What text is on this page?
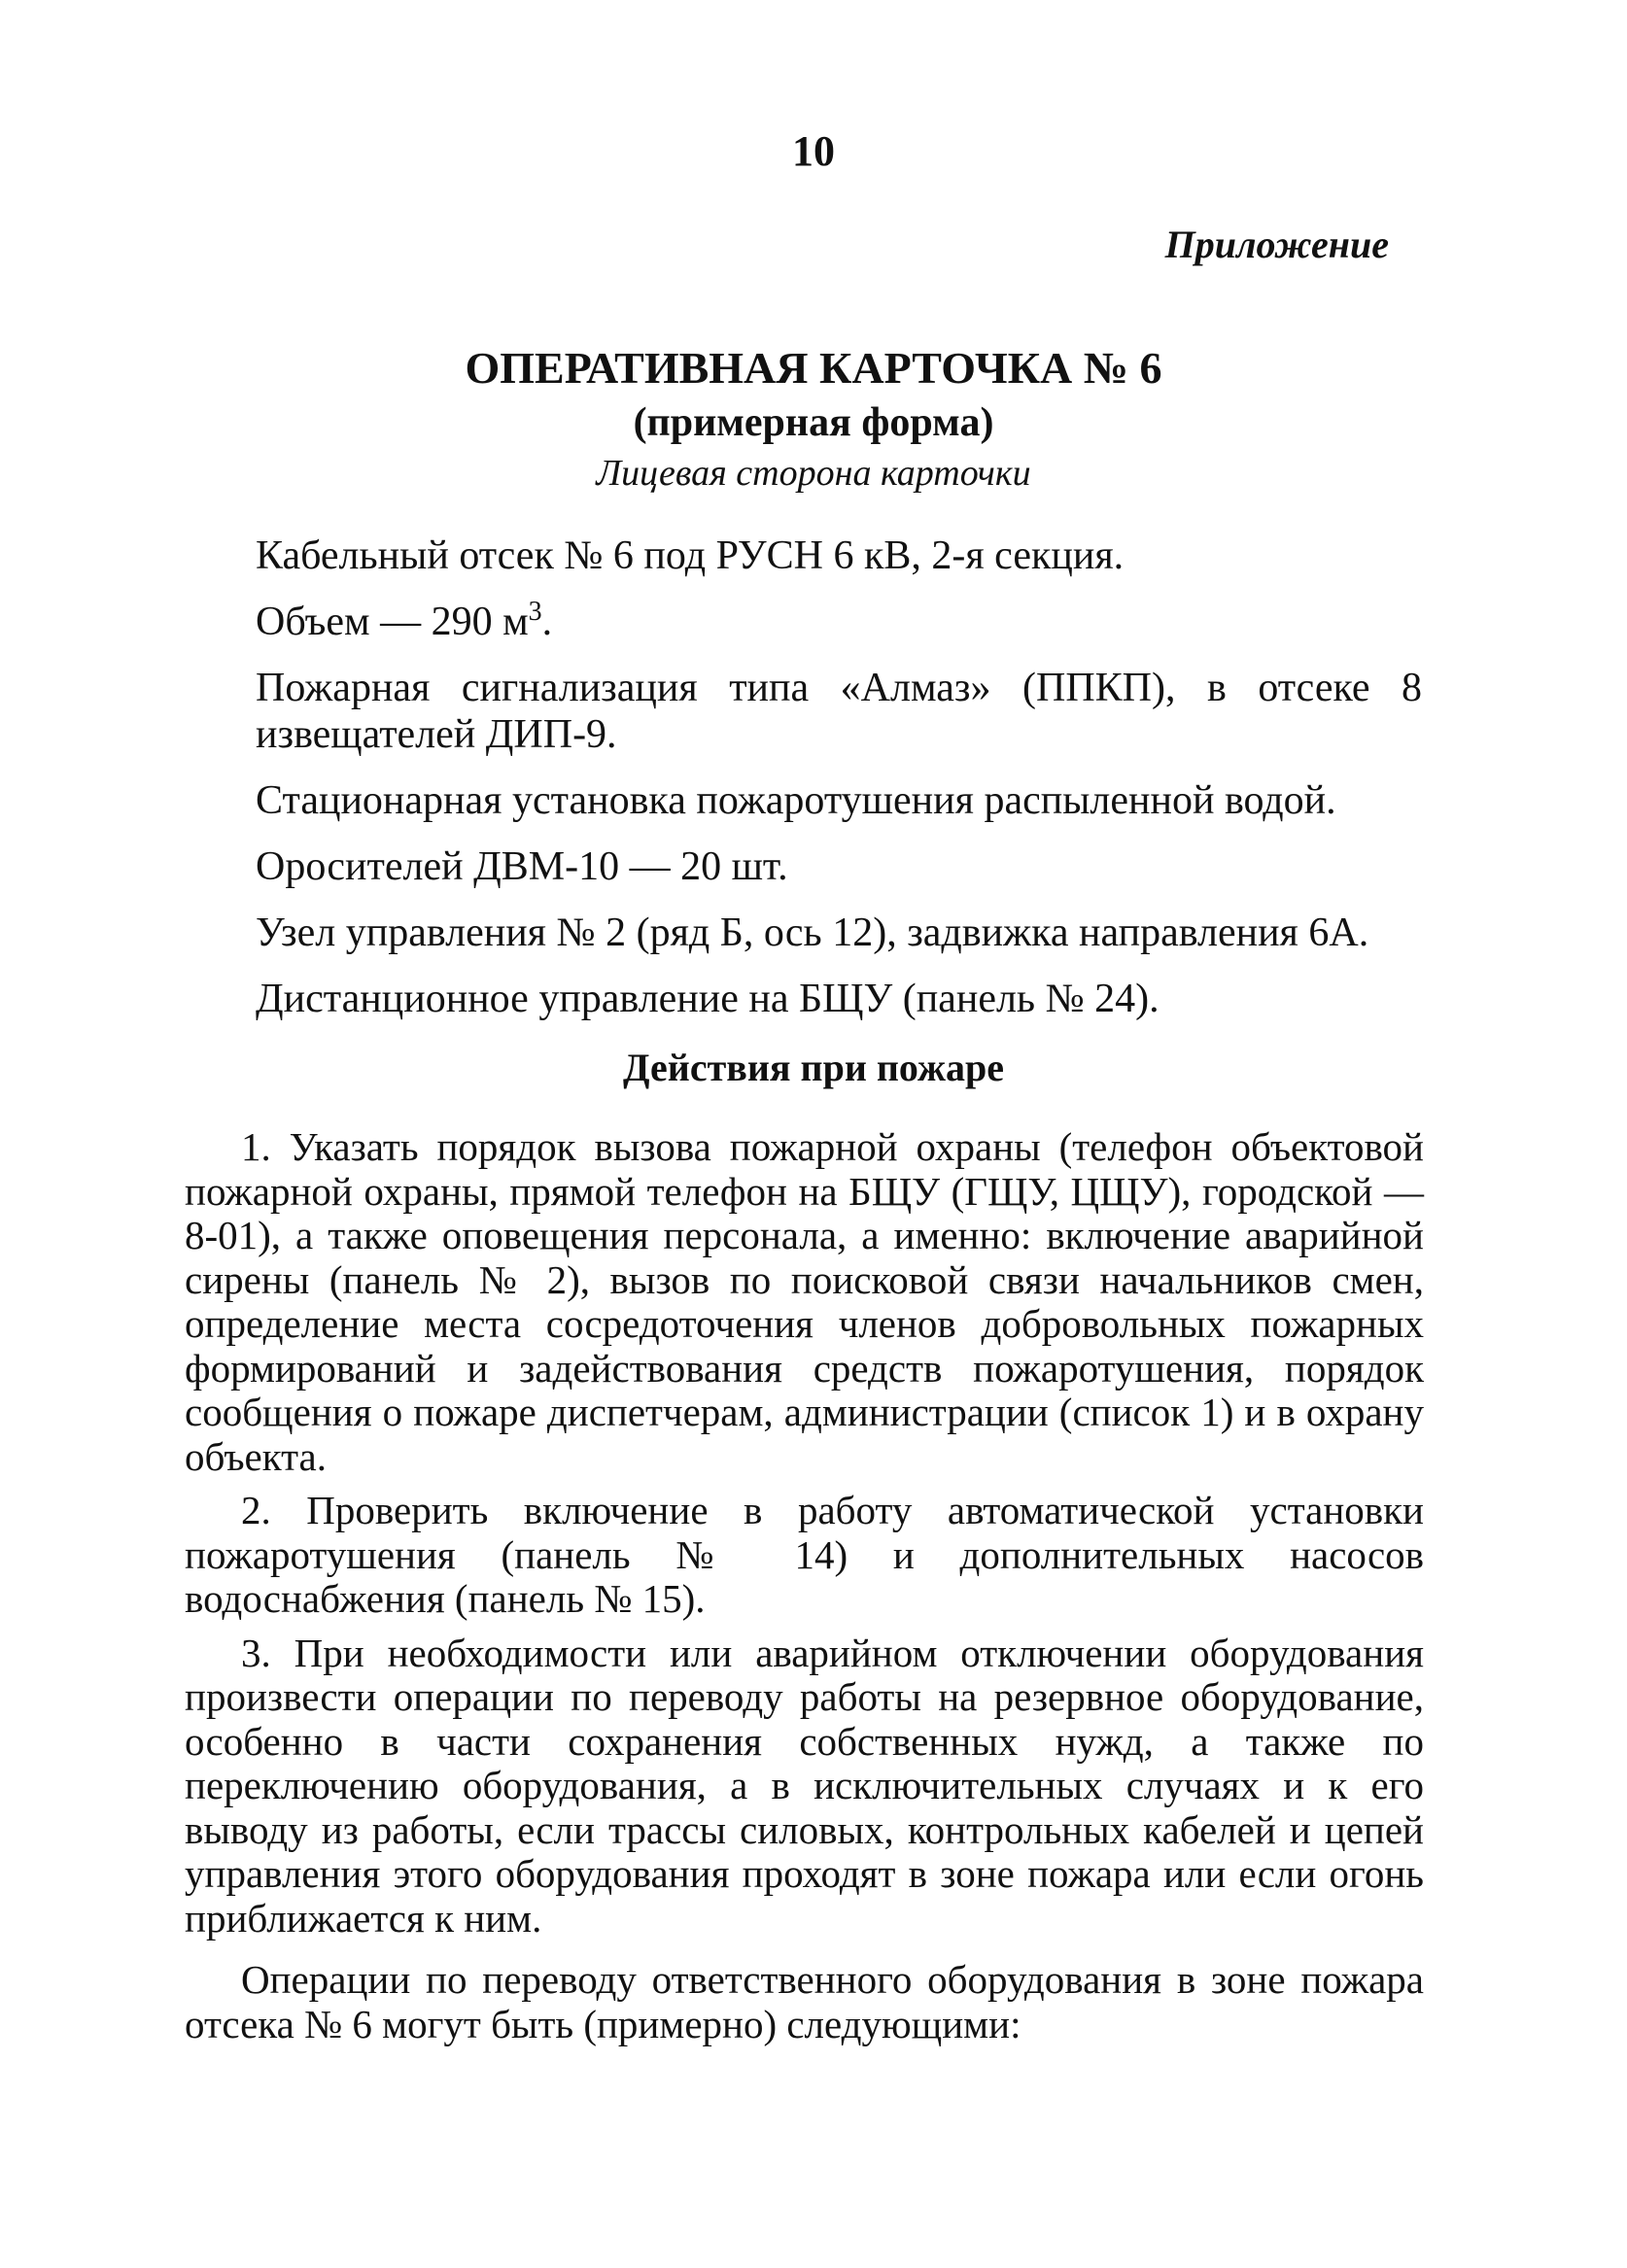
10
Приложение
ОПЕРАТИВНАЯ КАРТОЧКА № 6
(примерная форма)
Лицевая сторона карточки
Кабельный отсек № 6 под РУСН 6 кВ, 2-я секция.
Объем — 290 $м^3$.
Пожарная сигнализация типа «Алмаз» (ППКП), в отсеке 8 извещателей ДИП-9.
Стационарная установка пожаротушения распыленной водой.
Оросителей ДВМ-10 — 20 шт.
Узел управления № 2 (ряд Б, ось 12), задвижка направления 6А.
Дистанционное управление на БЩУ (панель № 24).
Действия при пожаре
1. Указать порядок вызова пожарной охраны (телефон объектовой пожарной охраны, прямой телефон на БЩУ (ГЩУ, ЦЩУ), городской — 8-01), а также оповещения персонала, а именно: включение аварийной сирены (панель № 2), вызов по поисковой связи начальников смен, определение места сосредоточения членов добровольных пожарных формирований и задействования средств пожаротушения, порядок сообщения о пожаре диспетчерам, администрации (список 1) и в охрану объекта.
2. Проверить включение в работу автоматической установки пожаротушения (панель № 14) и дополнительных насосов водоснабжения (панель № 15).
3. При необходимости или аварийном отключении оборудования произвести операции по переводу работы на резервное оборудование, особенно в части сохранения собственных нужд, а также по переключению оборудования, а в исключительных случаях и к его выводу из работы, если трассы силовых, контрольных кабелей и цепей управления этого оборудования проходят в зоне пожара или если огонь приближается к ним.
Операции по переводу ответственного оборудования в зоне пожара отсека № 6 могут быть (примерно) следующими:
